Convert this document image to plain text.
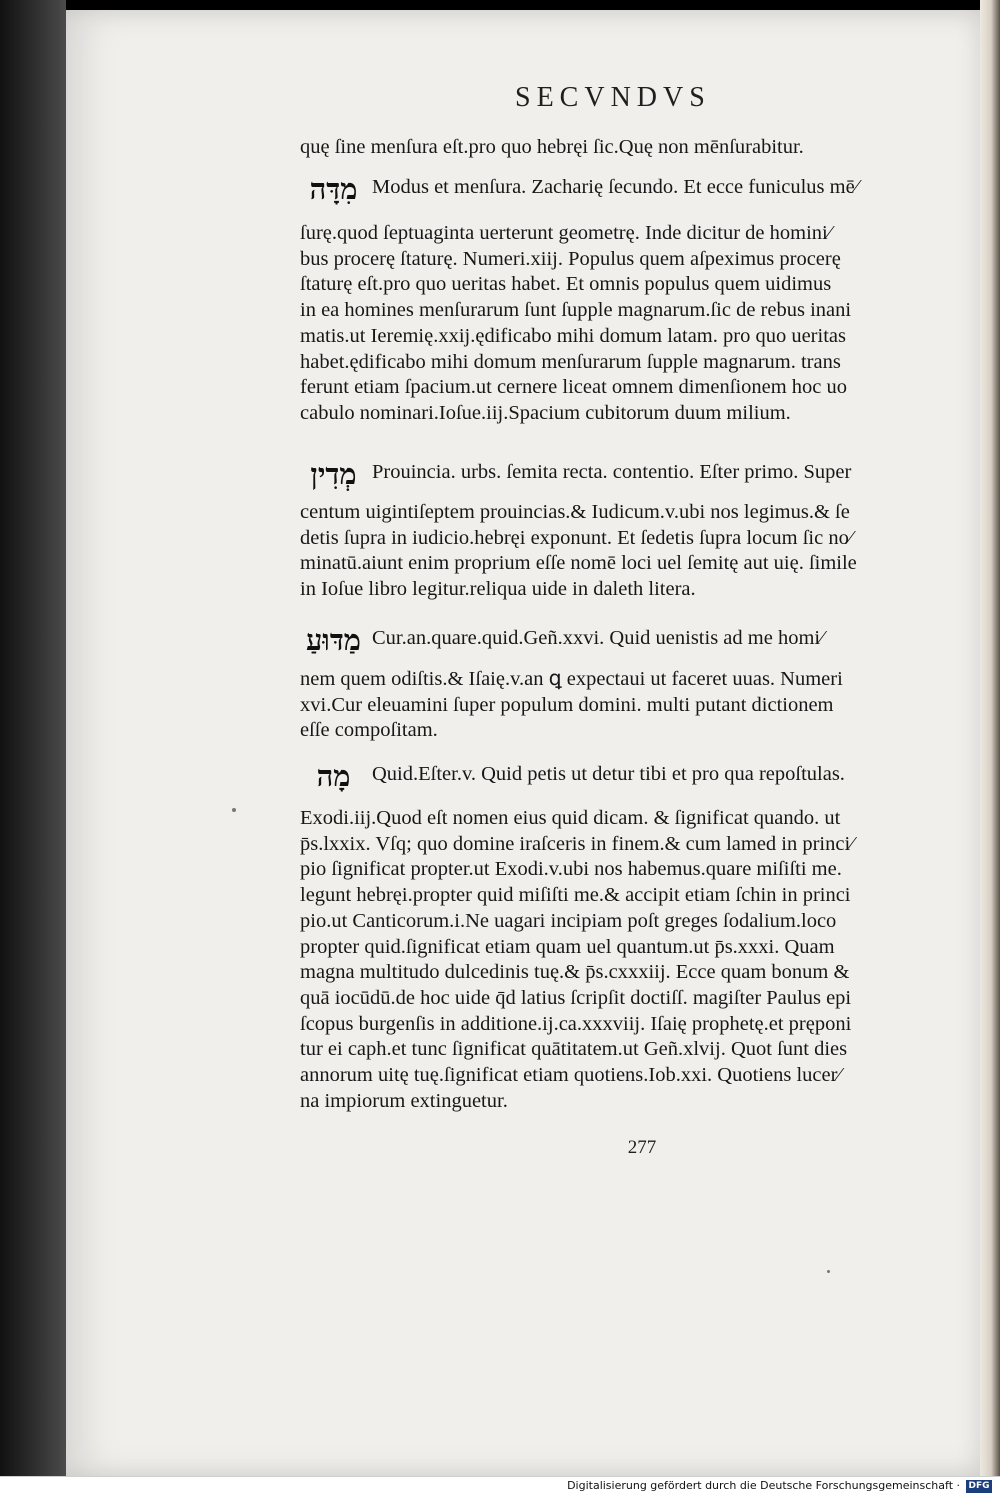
SECVNDVS
quę ſine menſura eſt.pro quo hebręi ſic.Quę non mēnſurabitur.
מִדָּה Modus et menſura. Zacharię ſecundo. Et ecce funiculus mē⁄
ſurę.quod ſeptuaginta uerterunt geometrę. Inde dicitur de homini⁄
bus procerę ſtaturę. Numeri.xiij. Populus quem aſpeximus procerę
ſtaturę eſt.pro quo ueritas habet. Et omnis populus quem uidimus
in ea homines menſurarum ſunt ſupple magnarum.ſic de rebus inani
matis.ut Ieremię.xxij.ędificabo mihi domum latam. pro quo ueritas
habet.ędificabo mihi domum menſurarum ſupple magnarum. trans
ferunt etiam ſpacium.ut cernere liceat omnem dimenſionem hoc uo
cabulo nominari.Ioſue.iij.Spacium cubitorum duum milium.
מְדִין Prouincia. urbs. ſemita recta. contentio. Eſter primo. Super
centum uigintiſeptem prouincias.& Iudicum.v.ubi nos legimus.& ſe
detis ſupra in iudicio.hebręi exponunt. Et ſedetis ſupra locum ſic no⁄
minatū.aiunt enim proprium eſſe nomē loci uel ſemitę aut uię. ſimile
in Ioſue libro legitur.reliqua uide in daleth litera.
מַדּוּעַ Cur.an.quare.quid.Geñ.xxvi. Quid uenistis ad me homi⁄
nem quem odiſtis.& Iſaię.v.an ꝗ expectaui ut faceret uuas. Numeri
xvi.Cur eleuamini ſuper populum domini. multi putant dictionem
eſſe compoſitam.
מָה	Quid.Eſter.v. Quid petis ut detur tibi et pro qua repoſtulas.
Exodi.iij.Quod eſt nomen eius quid dicam. & ſignificat quando. ut
p̄s.lxxix. Vſq; quo domine iraſceris in finem.& cum lamed in princi⁄
pio ſignificat propter.ut Exodi.v.ubi nos habemus.quare miſiſti me.
legunt hebręi.propter quid miſiſti me.& accipit etiam ſchin in princi
pio.ut Canticorum.i.Ne uagari incipiam poſt greges ſodalium.loco
propter quid.ſignificat etiam quam uel quantum.ut p̄s.xxxi. Quam
magna multitudo dulcedinis tuę.& p̄s.cxxxiij. Ecce quam bonum &
quā iocūdū.de hoc uide q̄d latius ſcripſit doctiſſ. magiſter Paulus epi
ſcopus burgenſis in additione.ij.ca.xxxviij. Iſaię prophetę.et pręponi
tur ei caph.et tunc ſignificat quātitatem.ut Geñ.xlvij. Quot ſunt dies
annorum uitę tuę.ſignificat etiam quotiens.Iob.xxi. Quotiens lucer⁄
na impiorum extinguetur.
277
Digitalisierung gefördert durch die Deutsche Forschungsgemeinschaft · DFG
